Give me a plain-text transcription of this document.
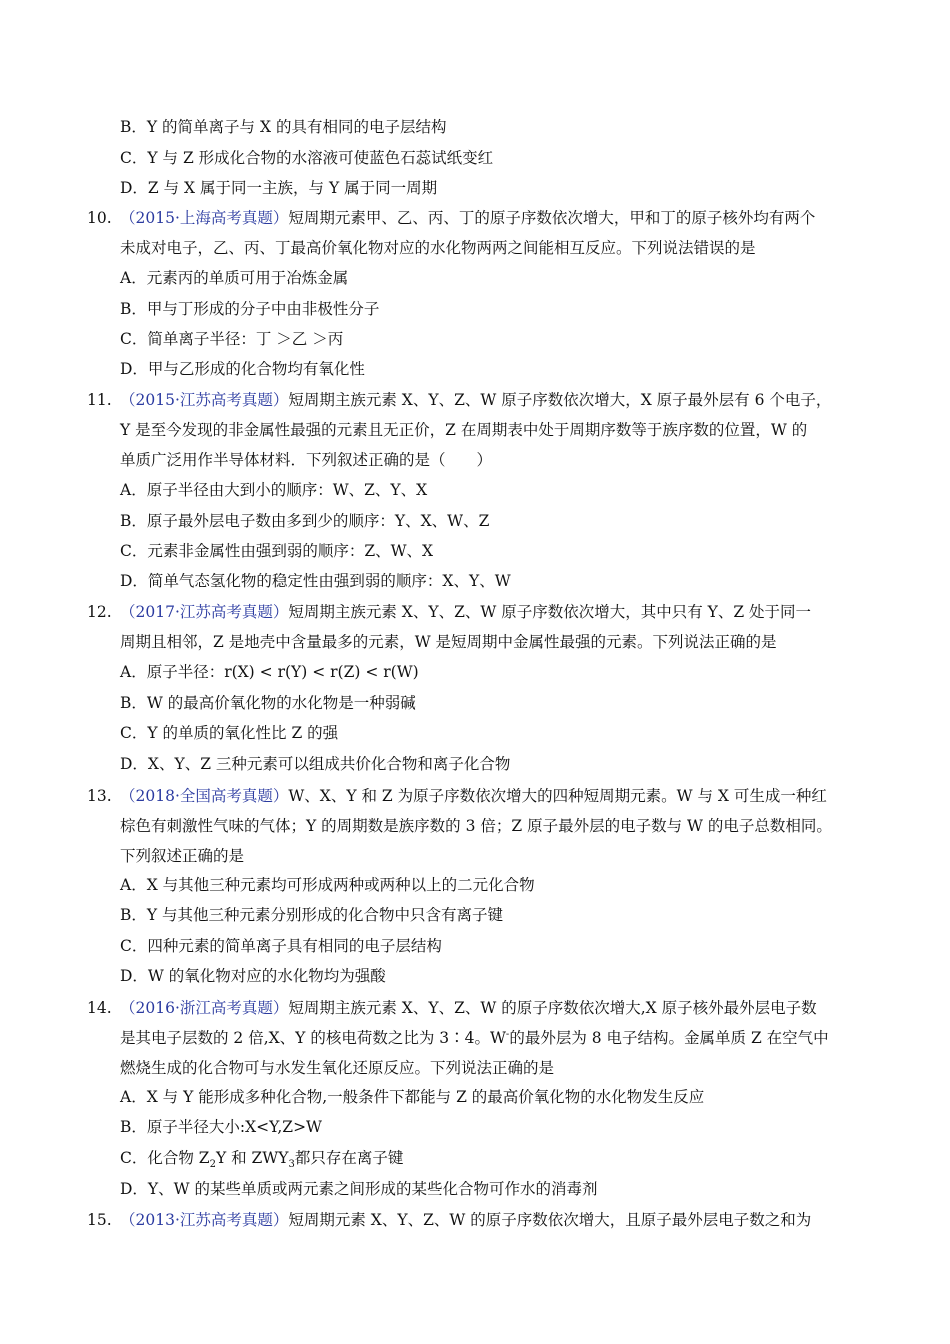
B．Y 的简单离子与 X 的具有相同的电子层结构
C．Y 与 Z 形成化合物的水溶液可使蓝色石蕊试纸变红
D．Z 与 X 属于同一主族，与 Y 属于同一周期
10. （2015·上海高考真题）短周期元素甲、乙、丙、丁的原子序数依次增大，甲和丁的原子核外均有两个
未成对电子，乙、丙、丁最高价氧化物对应的水化物两两之间能相互反应。下列说法错误的是
A．元素丙的单质可用于冶炼金属
B．甲与丁形成的分子中由非极性分子
C．简单离子半径：丁 ＞乙 ＞丙
D．甲与乙形成的化合物均有氧化性
11. （2015·江苏高考真题）短周期主族元素 X、Y、Z、W 原子序数依次增大，X 原子最外层有 6 个电子，
Y 是至今发现的非金属性最强的元素且无正价，Z 在周期表中处于周期序数等于族序数的位置，W 的
单质广泛用作半导体材料．下列叙述正确的是（　　）
A．原子半径由大到小的顺序：W、Z、Y、X
B．原子最外层电子数由多到少的顺序：Y、X、W、Z
C．元素非金属性由强到弱的顺序：Z、W、X
D．简单气态氢化物的稳定性由强到弱的顺序：X、Y、W
12. （2017·江苏高考真题）短周期主族元素 X、Y、Z、W 原子序数依次增大，其中只有 Y、Z 处于同一
周期且相邻，Z 是地壳中含量最多的元素，W 是短周期中金属性最强的元素。下列说法正确的是
A．原子半径：r(X) < r(Y) < r(Z) < r(W)
B．W 的最高价氧化物的水化物是一种弱碱
C．Y 的单质的氧化性比 Z 的强
D．X、Y、Z 三种元素可以组成共价化合物和离子化合物
13. （2018·全国高考真题）W、X、Y 和 Z 为原子序数依次增大的四种短周期元素。W 与 X 可生成一种红
棕色有刺激性气味的气体；Y 的周期数是族序数的 3 倍；Z 原子最外层的电子数与 W 的电子总数相同。
下列叙述正确的是
A．X 与其他三种元素均可形成两种或两种以上的二元化合物
B．Y 与其他三种元素分别形成的化合物中只含有离子键
C．四种元素的简单离子具有相同的电子层结构
D．W 的氧化物对应的水化物均为强酸
14. （2016·浙江高考真题）短周期主族元素 X、Y、Z、W 的原子序数依次增大,X 原子核外最外层电子数
是其电子层数的 2 倍,X、Y 的核电荷数之比为 3∶4。W-的最外层为 8 电子结构。金属单质 Z 在空气中
燃烧生成的化合物可与水发生氧化还原反应。下列说法正确的是
A．X 与 Y 能形成多种化合物,一般条件下都能与 Z 的最高价氧化物的水化物发生反应
B．原子半径大小:X<Y,Z>W
C．化合物 $Z_2Y$ 和 $ZWY_3$都只存在离子键
D．Y、W 的某些单质或两元素之间形成的某些化合物可作水的消毒剂
15. （2013·江苏高考真题）短周期元素 X、Y、Z、W 的原子序数依次增大，且原子最外层电子数之和为
